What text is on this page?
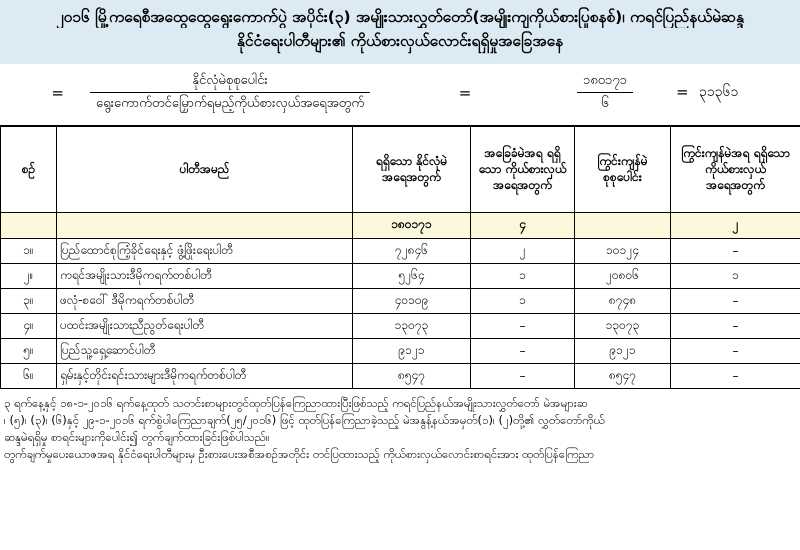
၂၀၁၆ မြို့ကရေစီအထွေထွေရွေးကောက်ပွဲ အပိုင်း(၃) အမျိုးသားလွှတ်တော်(အမျိုးကျကိုယ်စားပြုစနစ်)၊ ကရင်ပြည်နယ်မဲဆန္ဒ
နိုင်ငံရေးပါတီများ၏ ကိုယ်စားလှယ်လောင်းရရှိမှုအခြေအနေ
=	$\frac{\text{နိုင်လုံမဲစုစုပေါင်း}}{\text{ရွေးကောက်တင်မြှောက်ရမည့်ကိုယ်စားလှယ်အရေအတွက်}}$	=	$\frac{၁၈၀၁၇၁}{၆}$	= ၃၁၃၆၁
စဉ်	ပါတီအမည်	ရရှိသော နိုင်လုံမဲ အရေအတွက်	အခြေခံမဲအရ ရရှိသော ကိုယ်စားလှယ် အရေအတွက်	ကြွင်းကျန်မဲ စုစုပေါင်း	ကြွင်းကျန်မဲအရ ရရှိသော ကိုယ်စားလှယ် အရေအတွက်
		၁၈၀၁၇၁	၄		၂
၁။	ပြည်ထောင်စုကြံ့ခိုင်ရေးနှင့် ဖွံ့ဖြိုးရေးပါတီ	၇၂၈၄၆	၂	၁၀၁၂၄	–
၂။	ကရင်အမျိုးသားဒီမိုကရက်တစ်ပါတီ	၅၂၆၄	၁	၂၀၈၀၆	၁
၃။	ဖလုံ-စဝေါ် ဒီမိုကရက်တစ်ပါတီ	၄၀၁၀၉	၁	၈၇၄၈	–
၄။	ပထင်းအမျိုးသားညီညွတ်ရေးပါတီ	၁၃၀၇၃	–	၁၃၀၇၃	–
၅။	ပြည်သူ့ရှေ့ဆောင်ပါတီ	၉၁၂၁	–	၉၁၂၁	–
၆။	ရှမ်းနှင့်တိုင်းရင်းသားများဒီမိုကရက်တစ်ပါတီ	၈၅၄၇	–	၈၅၄၇	–
၃ ရက်နေ့နှင့် ၁၈-၁-၂၀၁၆ ရက်နေ့ထုတ် သတင်းစာများတွင်ထုတ်ပြန်ကြေညာထားပြီးဖြစ်သည့် ကရင်ပြည်နယ်အမျိုးသားလွှတ်တော် မဲအများဆ
၊ (၅)၊ (၃)၊ (၆)နှင့် ၂၉-၁-၂၀၁၆ ရက်စွဲပါကြေညာချက်(၂၅/၂၀၁၆) ဖြင့် ထုတ်ပြန်ကြေညာခဲ့သည့် မဲအနွန့်နယ်အမှတ်(၁)၊ (၂)တို့၏ လွှတ်တော်ကိုယ်
ဆန္ဒမဲရရှိမှု စာရင်းများကိုပေါင်း၍ တွက်ချက်ထားခြင်းဖြစ်ပါသည်။
တွက်ချက်မှုပေးယောဇအရ နိုင်ငံရေးပါတီများမှ ဦးစားပေးအစီအစဉ်အတိုင်း တင်ပြထားသည့် ကိုယ်စားလှယ်လောင်းစာရင်းအား ထုတ်ပြန်ကြေညာ
